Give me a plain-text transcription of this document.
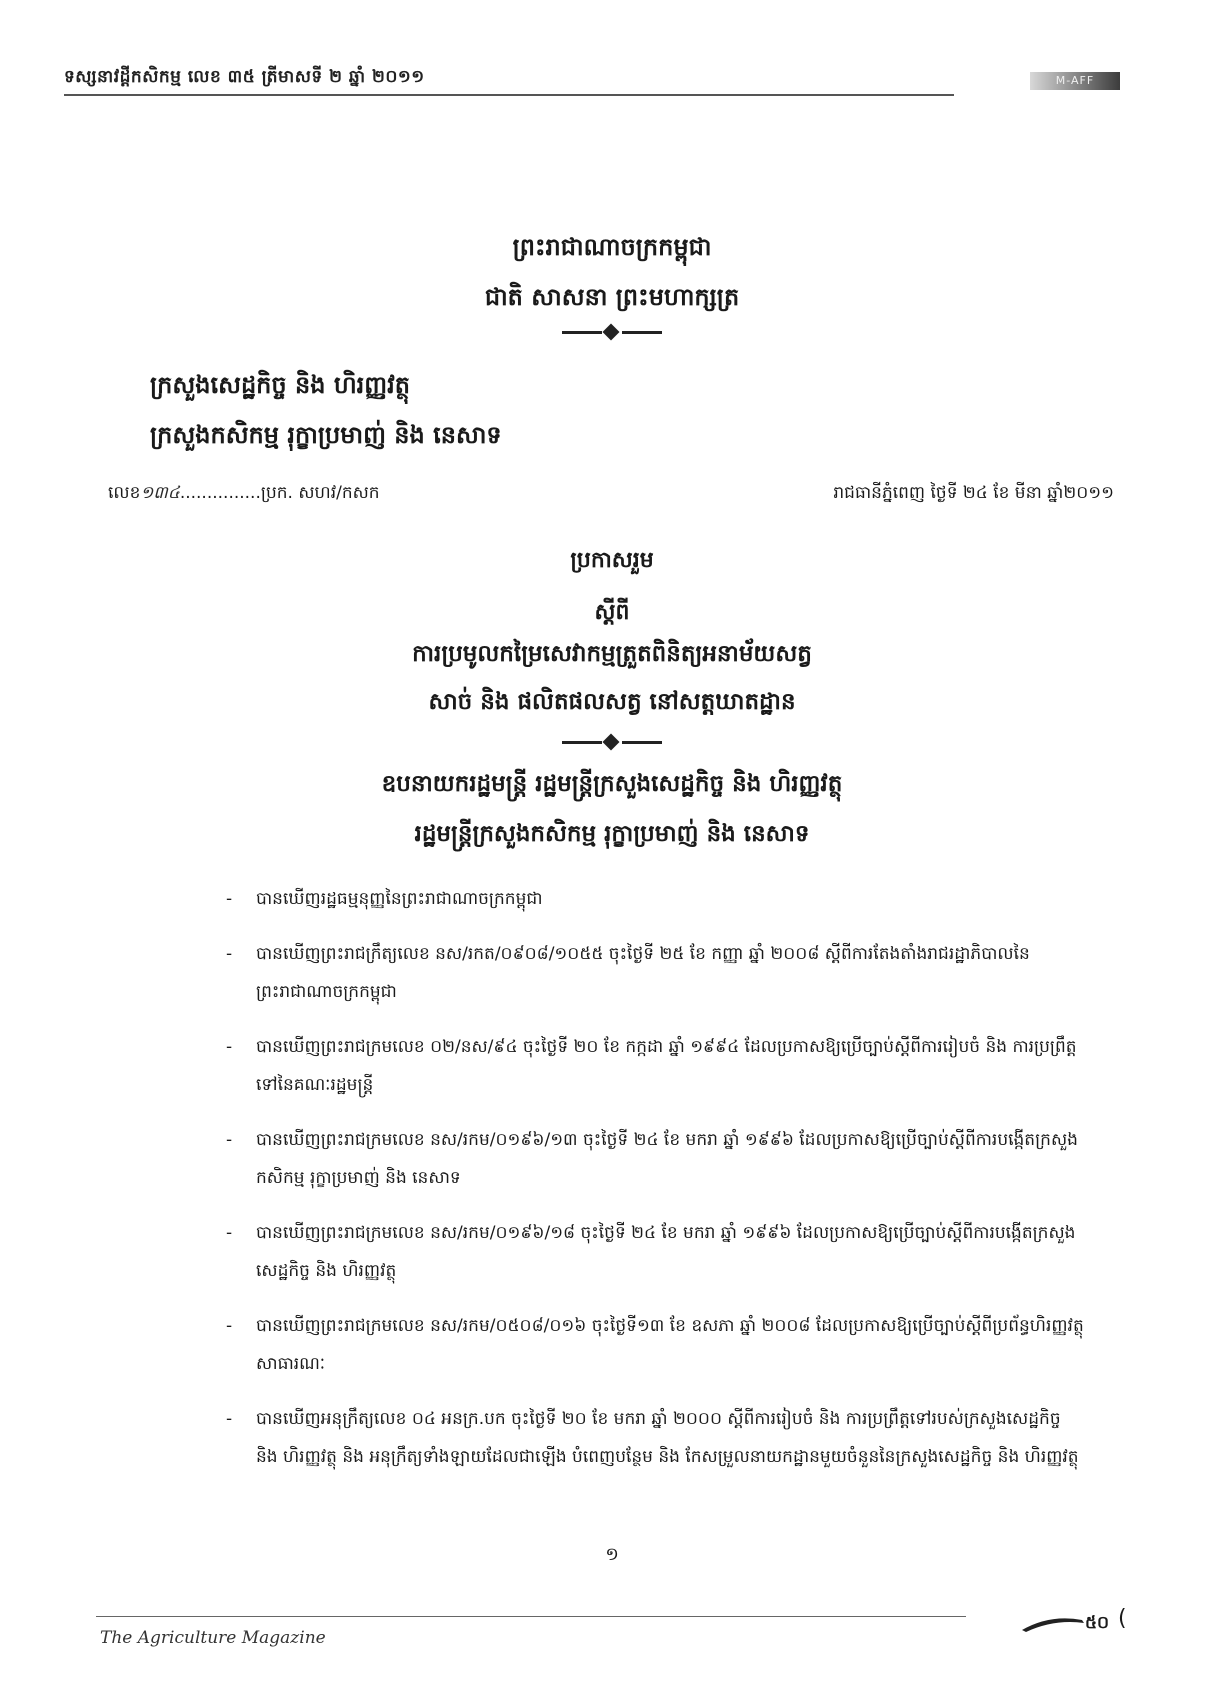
ទស្សនាវដ្ដីកសិកម្ម លេខ ៣៥ ត្រីមាសទី ២ ឆ្នាំ ២០១១	M-AFF
ព្រះរាជាណាចក្រកម្ពុជា
ជាតិ សាសនា ព្រះមហាក្សត្រ
ក្រសួងសេដ្ឋកិច្ច និង ហិរញ្ញវត្ថុ
ក្រសួងកសិកម្ម រុក្ខាប្រមាញ់ និង នេសាទ
លេខ១៣៤...............ប្រក. សហវ/កសក	រាជធានីភ្នំពេញ ថ្ងៃទី ២៤ ខែ មីនា ឆ្នាំ២០១១
ប្រកាសរួម
ស្ដីពី
ការប្រមូលកម្រៃសេវាកម្មត្រួតពិនិត្យអនាម័យសត្វ
សាច់ និង ផលិតផលសត្វ នៅសត្តឃាតដ្ឋាន
ឧបនាយករដ្ឋមន្ត្រី រដ្ឋមន្ត្រីក្រសួងសេដ្ឋកិច្ច និង ហិរញ្ញវត្ថុ
រដ្ឋមន្ត្រីក្រសួងកសិកម្ម រុក្ខាប្រមាញ់ និង នេសាទ
- បានឃើញរដ្ឋធម្មនុញ្ញនៃព្រះរាជាណាចក្រកម្ពុជា
- បានឃើញព្រះរាជក្រឹត្យលេខ នស/រកត/០៩០៨/១០៥៥ ចុះថ្ងៃទី ២៥ ខែ កញ្ញា ឆ្នាំ ២០០៨ ស្ដីពីការតែងតាំងរាជរដ្ឋាភិបាលនៃព្រះរាជាណាចក្រកម្ពុជា
- បានឃើញព្រះរាជក្រមលេខ ០២/នស/៩៤ ចុះថ្ងៃទី ២០ ខែ កក្កដា ឆ្នាំ ១៩៩៤ ដែលប្រកាសឱ្យប្រើច្បាប់ស្ដីពីការរៀបចំ និង ការប្រព្រឹត្តទៅនៃគណៈរដ្ឋមន្ត្រី
- បានឃើញព្រះរាជក្រមលេខ នស/រកម/០១៩៦/១៣ ចុះថ្ងៃទី ២៤ ខែ មករា ឆ្នាំ ១៩៩៦ ដែលប្រកាសឱ្យប្រើច្បាប់ស្ដីពីការបង្កើតក្រសួងកសិកម្ម រុក្ខាប្រមាញ់ និង នេសាទ
- បានឃើញព្រះរាជក្រមលេខ នស/រកម/០១៩៦/១៨ ចុះថ្ងៃទី ២៤ ខែ មករា ឆ្នាំ ១៩៩៦ ដែលប្រកាសឱ្យប្រើច្បាប់ស្ដីពីការបង្កើតក្រសួងសេដ្ឋកិច្ច និង ហិរញ្ញវត្ថុ
- បានឃើញព្រះរាជក្រមលេខ នស/រកម/០៥០៨/០១៦ ចុះថ្ងៃទី១៣ ខែ ឧសភា ឆ្នាំ ២០០៨ ដែលប្រកាសឱ្យប្រើច្បាប់ស្ដីពីប្រព័ន្ធហិរញ្ញវត្ថុសាធារណៈ
- បានឃើញអនុក្រឹត្យលេខ ០៤ អនក្រ.បក ចុះថ្ងៃទី ២០ ខែ មករា ឆ្នាំ ២០០០ ស្ដីពីការរៀបចំ និង ការប្រព្រឹត្តទៅរបស់ក្រសួងសេដ្ឋកិច្ច និង ហិរញ្ញវត្ថុ និង អនុក្រឹត្យទាំងឡាយដែលជាឡើង បំពេញបន្ថែម និង កែសម្រួលនាយកដ្ឋានមួយចំនួននៃក្រសួងសេដ្ឋកិច្ច និង ហិរញ្ញវត្ថុ
១
The Agriculture Magazine
៥០ (
